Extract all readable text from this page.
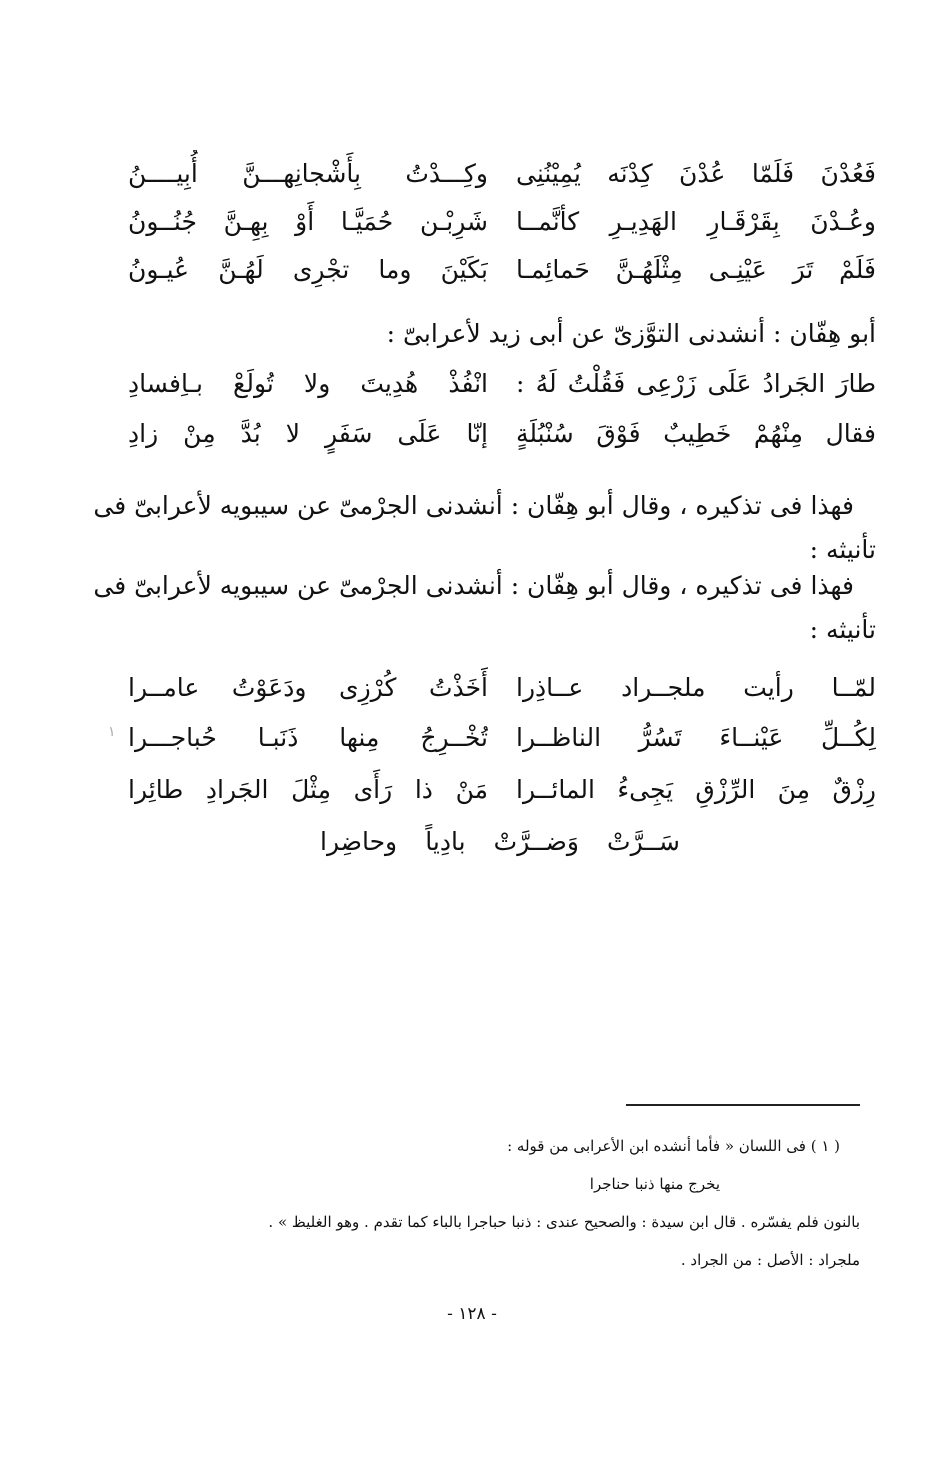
فَعُدْنَ فَلَمّا عُدْنَ كِدْنَه يُمِيْنُنِى
وكِـــدْتُ بِأَشْجانِهـــنَّ أُبِيــــنُ
وعُـدْنَ بِقَرْقَـارِ الهَدِيـرِ كأنَّمــا
شَرِبْـن حُمَيَّـا أَوْ بِهِـنَّ جُنُــونُ
فَلَمْ تَرَ عَيْنِـى مِثْلَهُـنَّ حَمائِمـا
بَكَيْنَ وما تجْرِى لَهُـنَّ عُيـونُ
أبو هِفّان : أنشدنى التوَّزىّ عن أبى زيد لأعرابىّ :
طارَ الجَرادُ عَلَى زَرْعِى فَقُلْتُ لَهُ :
انْفُذْ هُدِيتَ ولا تُولَعْ بـاِفسادِ
فقال مِنْهُمْ خَطِيبٌ فَوْقَ سُنْبُلَةٍ
إنّا عَلَى سَفَرٍ لا بُدَّ مِنْ زادِ
فهذا فى تذكيره ، وقال أبو هِفّان : أنشدنى الجرْمىّ عن سيبويه لأعرابىّ فى
تأنيثه :
فهذا فى تذكيره ، وقال أبو هِفّان : أنشدنى الجرْمىّ عن سيبويه لأعرابىّ فى
تأنيثه :
لمّــا رأيت ملجــراد عــاذِرا
أَخَذْتُ كُرْزِى ودَعَوْتُ عامــرا
لِكُــلِّ عَيْنــاءَ تَسُرُّ الناظــرا
تُخْــرِجُ مِنها ذَنَبـا حُباجـــرا
رِزْقٌ مِنَ الرِّزْقِ يَجِىءُ المائــرا
مَنْ ذا رَأَى مِثْلَ الجَرادِ طائِرا
سَــرَّتْ وَضــرَّتْ بادِياً وحاضِرا
١
( ١ ) فى اللسان « فأما أنشده ابن الأعرابى من قوله :
يخرج منها ذنبا حناجرا
بالنون فلم يفسّره . قال ابن سيدة : والصحيح عندى : ذنبا حباجرا بالباء كما تقدم . وهو الغليظ » .
ملجراد : الأصل : من الجراد .
- ١٢٨ -
